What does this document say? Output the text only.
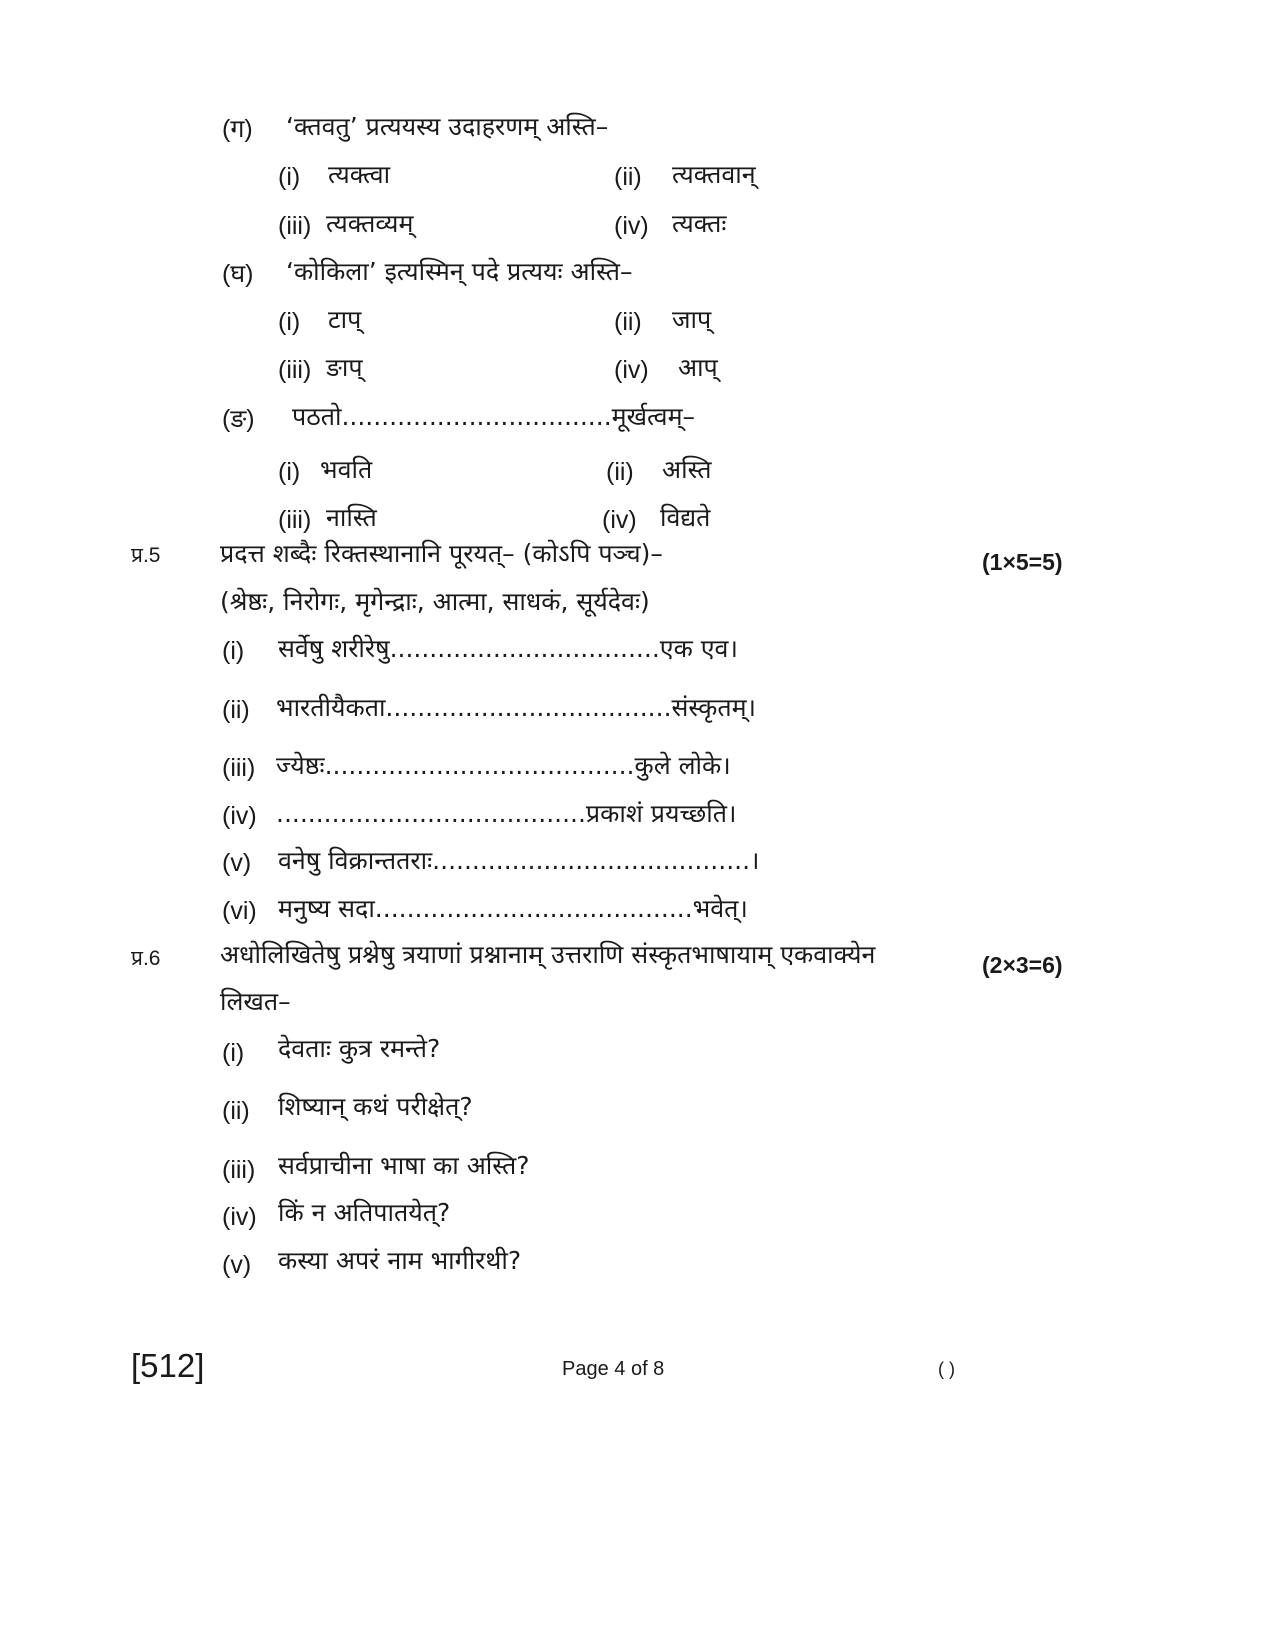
(ग) ‘क्तवतु’ प्रत्ययस्य उदाहरणम् अस्ति–
(i) त्यक्त्वा	(ii) त्यक्तवान्
(iii) त्यक्तव्यम्	(iv) त्यक्तः
(घ) ‘कोकिला’ इत्यस्मिन् पदे प्रत्ययः अस्ति–
(i) टाप्	(ii) जाप्
(iii) ङाप्	(iv) आप्
(ङ) पठतो..................................मूर्खत्वम्–
(i) भवति	(ii) अस्ति
(iii) नास्ति	(iv) विद्यते
प्र.5 प्रदत्त शब्दैः रिक्तस्थानानि पूरयत्– (कोऽपि पञ्च)–	(1×5=5)
(श्रेष्ठः, निरोगः, मृगेन्द्राः, आत्मा, साधकं, सूर्यदेवः)
(i) सर्वेषु शरीरेषु..................................एक एव।
(ii) भारतीयैकता....................................संस्कृतम्।
(iii) ज्येष्ठः.......................................कुले लोके।
(iv) .......................................प्रकाशं प्रयच्छति।
(v) वनेषु विक्रान्ततराः........................................।
(vi) मनुष्य सदा........................................भवेत्।
प्र.6 अधोलिखितेषु प्रश्नेषु त्रयाणां प्रश्नानाम् उत्तराणि संस्कृतभाषायाम् एकवाक्येन	(2×3=6)
लिखत–
(i) देवताः कुत्र रमन्ते?
(ii) शिष्यान् कथं परीक्षेत्?
(iii) सर्वप्राचीना भाषा का अस्ति?
(iv) किं न अतिपातयेत्?
(v) कस्या अपरं नाम भागीरथी?
[512]	Page 4 of 8	( )
